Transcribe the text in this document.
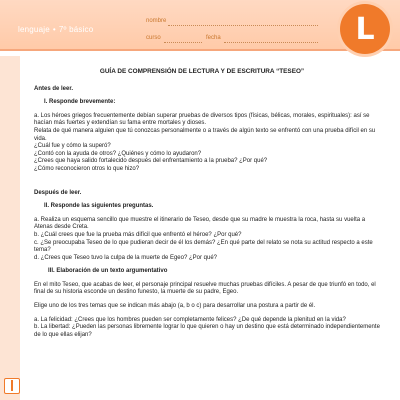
lenguaje • 7º básico
nombre
curso	fecha	L

GUÍA DE COMPRENSIÓN DE LECTURA Y DE ESCRITURA “TESEO”

Antes de leer.

I. Responde brevemente:

a. Los héroes griegos frecuentemente debían superar pruebas de diversos tipos (físicas, bélicas, morales, espirituales): así se hacían más fuertes y extendían su fama entre mortales y dioses.

Relata de qué manera alguien que tú conozcas personalmente o a través de algún texto se enfrentó con una prueba difícil en su vida.

¿Cuál fue y cómo la superó?

¿Contó con la ayuda de otros? ¿Quiénes y cómo lo ayudaron?

¿Crees que haya salido fortalecido después del enfrentamiento a la prueba? ¿Por qué?

¿Cómo reconocieron otros lo que hizo?

Después de leer.

II. Responde las siguientes preguntas.

a. Realiza un esquema sencillo que muestre el itinerario de Teseo, desde que su madre le muestra la roca, hasta su vuelta a Atenas desde Creta.

b. ¿Cuál crees que fue la prueba más difícil que enfrentó el héroe? ¿Por qué?

c. ¿Se preocupaba Teseo de lo que pudieran decir de él los demás? ¿En qué parte del relato se nota su actitud respecto a este tema?

d. ¿Crees que Teseo tuvo la culpa de la muerte de Egeo? ¿Por qué?

III. Elaboración de un texto argumentativo

En el mito Teseo, que acabas de leer, el personaje principal resuelve muchas pruebas difíciles. A pesar de que triunfó en todo, el final de su historia esconde un destino funesto, la muerte de su padre, Egeo.

Elige uno de los tres temas que se indican más abajo (a, b o c) para desarrollar una postura a partir de él.

a. La felicidad: ¿Crees que los hombres pueden ser completamente felices? ¿De qué depende la plenitud en la vida?

b. La libertad: ¿Pueden las personas libremente lograr lo que quieren o hay un destino que está determinado independientemente de lo que ellas elijan?
